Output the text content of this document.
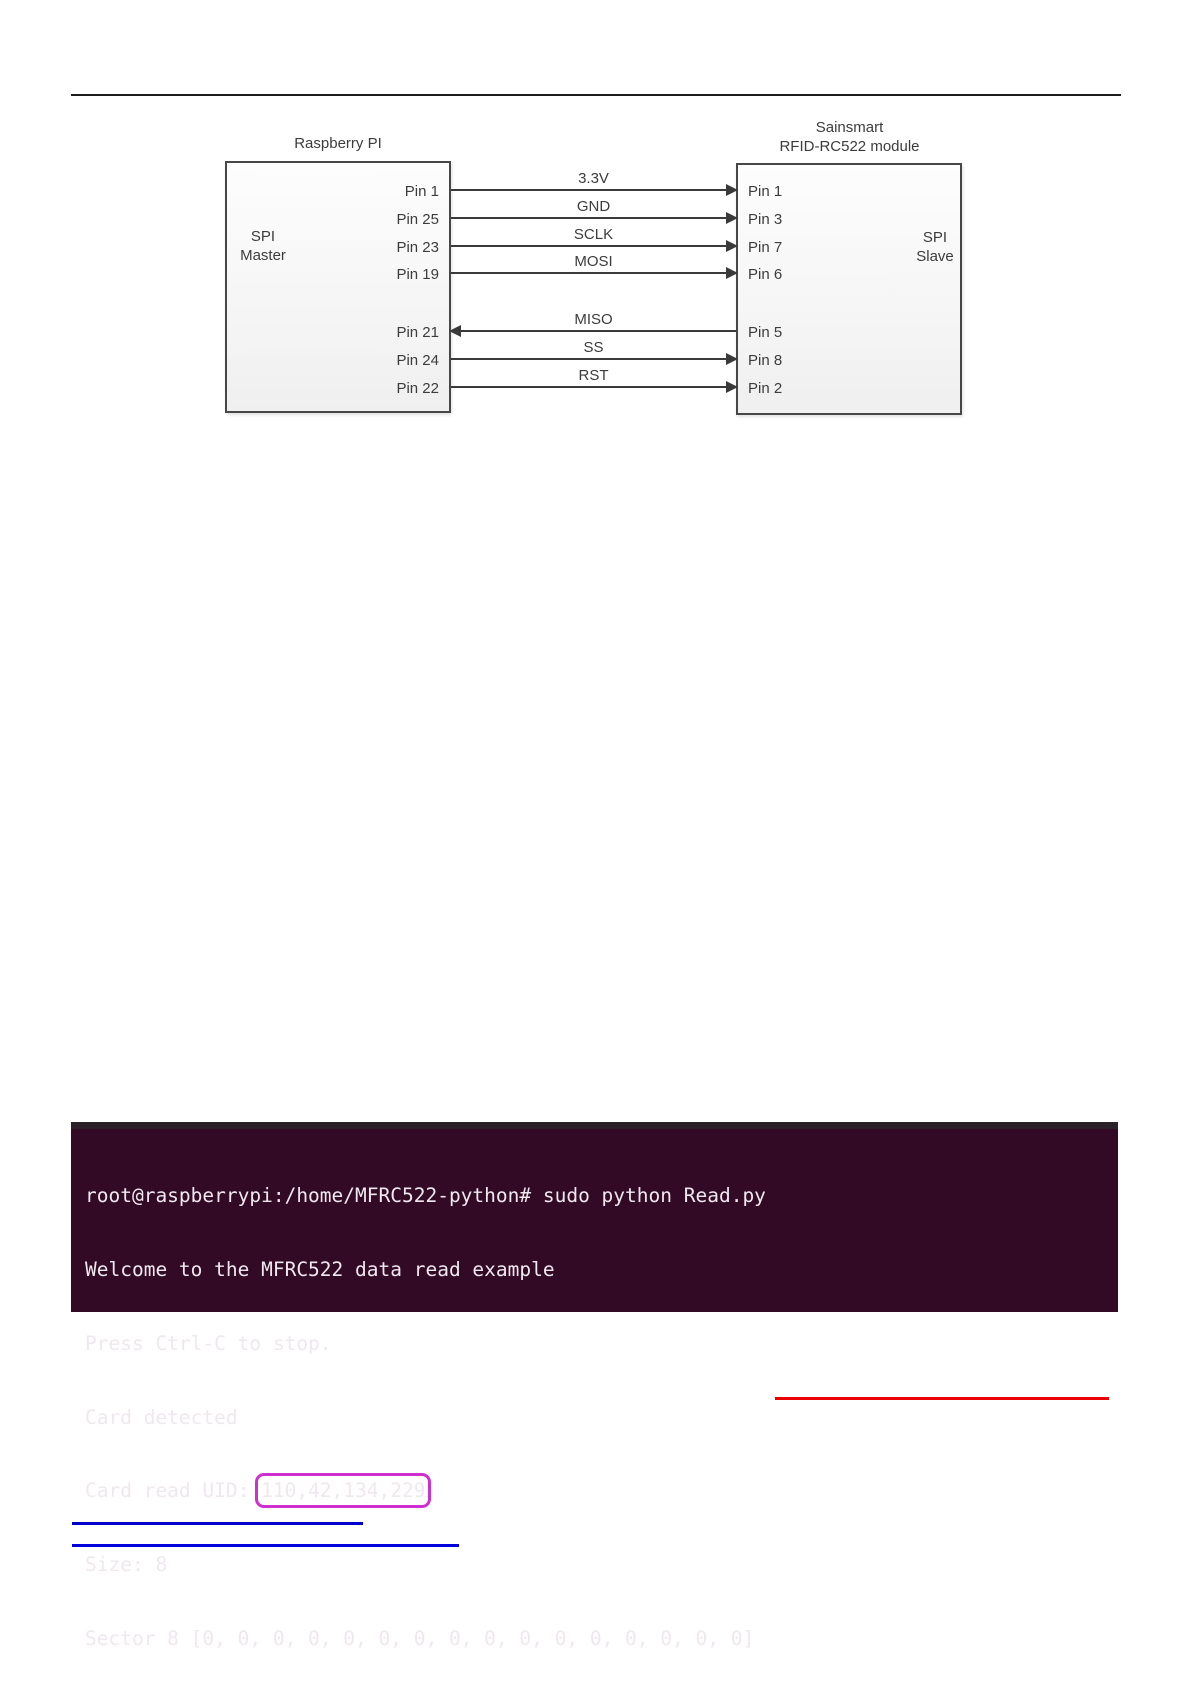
Raspberry PI
Sainsmart
RFID-RC522 module
SPI
Master
Pin 1
Pin 25
Pin 23
Pin 19
Pin 21
Pin 24
Pin 22
SPI
Slave
Pin 1
Pin 3
Pin 7
Pin 6
Pin 5
Pin 8
Pin 2
3.3V
GND
SCLK
MOSI
MISO
SS
RST

root@raspberrypi:/home/MFRC522-python# sudo python Read.py

Welcome to the MFRC522 data read example

Press Ctrl-C to stop.

Card detected

Card read UID: 110,42,134,229

Size: 8

Sector 8 [0, 0, 0, 0, 0, 0, 0, 0, 0, 0, 0, 0, 0, 0, 0, 0]
